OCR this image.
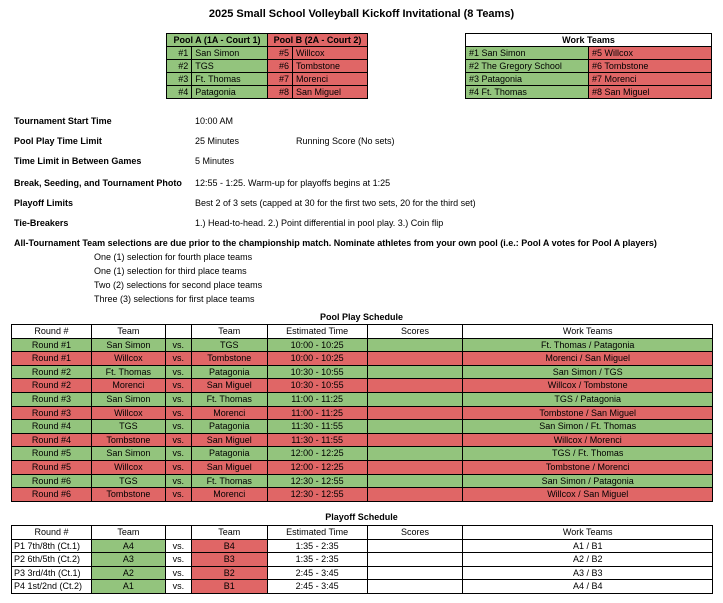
2025 Small School Volleyball Kickoff Invitational (8 Teams)
Pool A (1A - Court 1)		Pool B (2A - Court 2)	
#1	San Simon	#5	Willcox
#2	TGS	#6	Tombstone
#3	Ft. Thomas	#7	Morenci
#4	Patagonia	#8	San Miguel
Work Teams	
#1 San Simon	#5 Willcox
#2 The Gregory School	#6 Tombstone
#3 Patagonia	#7 Morenci
#4 Ft. Thomas	#8 San Miguel
Tournament Start Time	10:00 AM
Pool Play Time Limit	25 Minutes	Running Score (No sets)
Time Limit in Between Games	5 Minutes
Break, Seeding, and Tournament Photo 12:55 - 1:25. Warm-up for playoffs begins at 1:25
Playoff Limits	Best 2 of 3 sets (capped at 30 for the first two sets, 20 for the third set)
Tie-Breakers	1.) Head-to-head. 2.) Point differential in pool play. 3.) Coin flip
All-Tournament Team selections are due prior to the championship match. Nominate athletes from your own pool (i.e.: Pool A votes for Pool A players)
One (1) selection for fourth place teams
One (1) selection for third place teams
Two (2) selections for second place teams
Three (3) selections for first place teams
Pool Play Schedule
Round #	Team		Team	Estimated Time	Scores	Work Teams
Round #1	San Simon	vs.	TGS	10:00 - 10:25		Ft. Thomas / Patagonia
Round #1	Willcox	vs.	Tombstone	10:00 - 10:25		Morenci / San Miguel
Round #2	Ft. Thomas	vs.	Patagonia	10:30 - 10:55		San Simon / TGS
Round #2	Morenci	vs.	San Miguel	10:30 - 10:55		Willcox / Tombstone
Round #3	San Simon	vs.	Ft. Thomas	11:00 - 11:25		TGS / Patagonia
Round #3	Willcox	vs.	Morenci	11:00 - 11:25		Tombstone / San Miguel
Round #4	TGS	vs.	Patagonia	11:30 - 11:55		San Simon / Ft. Thomas
Round #4	Tombstone	vs.	San Miguel	11:30 - 11:55		Willcox / Morenci
Round #5	San Simon	vs.	Patagonia	12:00 - 12:25		TGS / Ft. Thomas
Round #5	Willcox	vs.	San Miguel	12:00 - 12:25		Tombstone / Morenci
Round #6	TGS	vs.	Ft. Thomas	12:30 - 12:55		San Simon / Patagonia
Round #6	Tombstone	vs.	Morenci	12:30 - 12:55		Willcox / San Miguel
Playoff Schedule
Round #	Team		Team	Estimated Time	Scores	Work Teams
P1 7th/8th (Ct.1)	A4	vs.	B4	1:35 - 2:35		A1 / B1
P2 6th/5th (Ct.2)	A3	vs.	B3	1:35 - 2:35		A2 / B2
P3 3rd/4th (Ct.1)	A2	vs.	B2	2:45 - 3:45		A3 / B3
P4 1st/2nd (Ct.2)	A1	vs.	B1	2:45 - 3:45		A4 / B4
